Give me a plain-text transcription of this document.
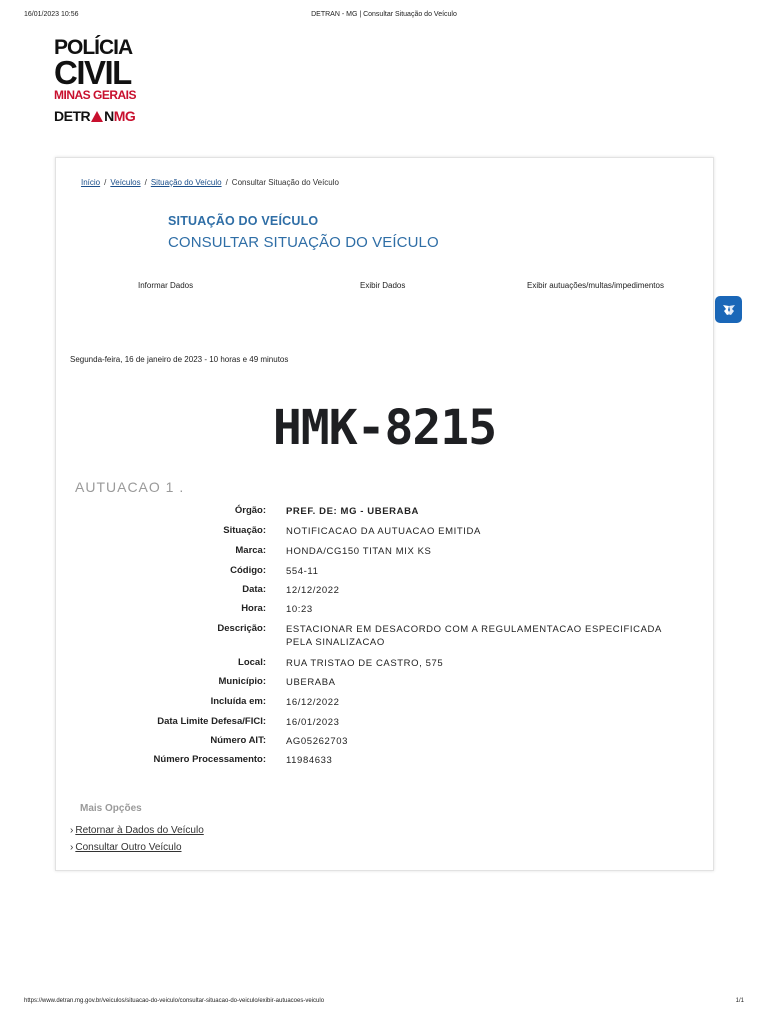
16/01/2023 10:56	DETRAN - MG | Consultar Situação do Veículo
POLÍCIA
CIVIL
MINAS GERAIS
DETR N MG
Início / Veículos / Situação do Veículo / Consultar Situação do Veículo
SITUAÇÃO DO VEÍCULO
CONSULTAR SITUAÇÃO DO VEÍCULO
Informar Dados	Exibir Dados	Exibir autuações/multas/impedimentos
Segunda-feira, 16 de janeiro de 2023 - 10 horas e 49 minutos
HMK-8215
AUTUACAO 1 .
Órgão: PREF. DE: MG - UBERABA
Situação: NOTIFICACAO DA AUTUACAO EMITIDA
Marca: HONDA/CG150 TITAN MIX KS
Código: 554-11
Data: 12/12/2022
Hora: 10:23
Descrição: ESTACIONAR EM DESACORDO COM A REGULAMENTACAO ESPECIFICADA PELA SINALIZACAO
Local: RUA TRISTAO DE CASTRO, 575
Município: UBERABA
Incluída em: 16/12/2022
Data Limite Defesa/FICI: 16/01/2023
Número AIT: AG05262703
Número Processamento: 11984633
Mais Opções
› Retornar à Dados do Veículo
› Consultar Outro Veículo
https://www.detran.mg.gov.br/veiculos/situacao-do-veiculo/consultar-situacao-do-veiculo/exibir-autuacoes-veiculo	1/1
